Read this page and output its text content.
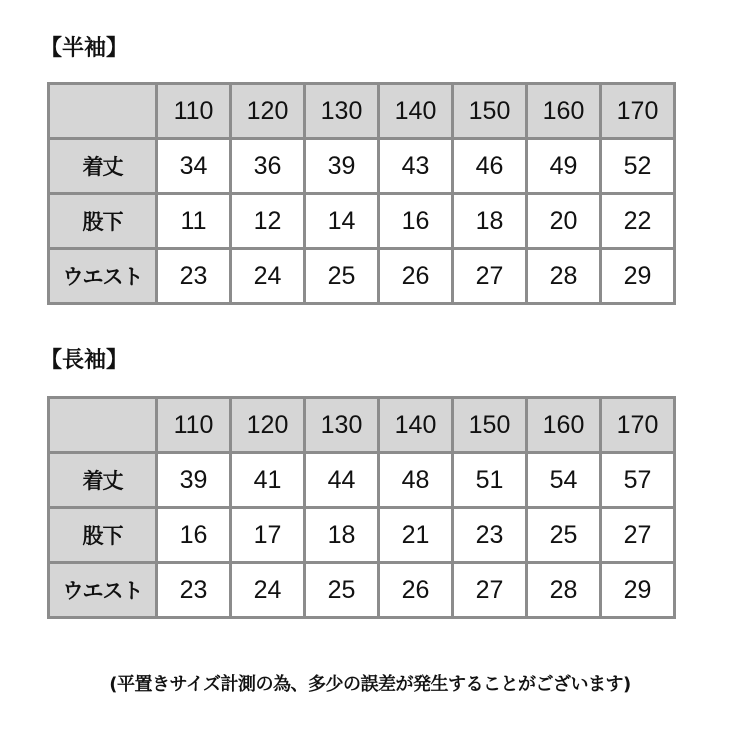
【半袖】
	110	120	130	140	150	160	170
着丈	34	36	39	43	46	49	52
股下	11	12	14	16	18	20	22
ウエスト	23	24	25	26	27	28	29
【長袖】
	110	120	130	140	150	160	170
着丈	39	41	44	48	51	54	57
股下	16	17	18	21	23	25	27
ウエスト	23	24	25	26	27	28	29
(平置きサイズ計測の為、多少の誤差が発生することがございます)
